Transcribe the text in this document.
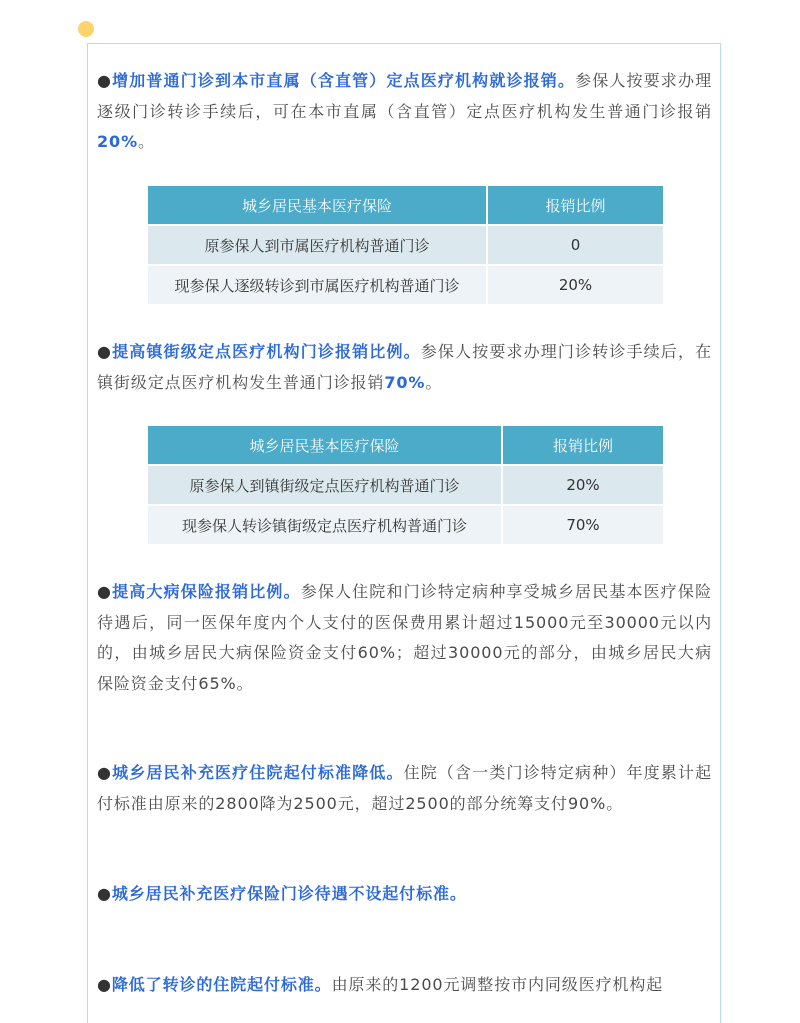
●增加普通门诊到本市直属（含直管）定点医疗机构就诊报销。参保人按要求办理逐级门诊转诊手续后，可在本市直属（含直管）定点医疗机构发生普通门诊报销20%。

城乡居民基本医疗保险	报销比例
原参保人到市属医疗机构普通门诊	0
现参保人逐级转诊到市属医疗机构普通门诊	20%

●提高镇街级定点医疗机构门诊报销比例。参保人按要求办理门诊转诊手续后，在镇街级定点医疗机构发生普通门诊报销70%。

城乡居民基本医疗保险	报销比例
原参保人到镇街级定点医疗机构普通门诊	20%
现参保人转诊镇街级定点医疗机构普通门诊	70%

●提高大病保险报销比例。参保人住院和门诊特定病种享受城乡居民基本医疗保险待遇后，同一医保年度内个人支付的医保费用累计超过15000元至30000元以内的，由城乡居民大病保险资金支付60%；超过30000元的部分，由城乡居民大病保险资金支付65%。

●城乡居民补充医疗住院起付标准降低。住院（含一类门诊特定病种）年度累计起付标准由原来的2800降为2500元，超过2500的部分统筹支付90%。

●城乡居民补充医疗保险门诊待遇不设起付标准。

●降低了转诊的住院起付标准。由原来的1200元调整按市内同级医疗机构起
